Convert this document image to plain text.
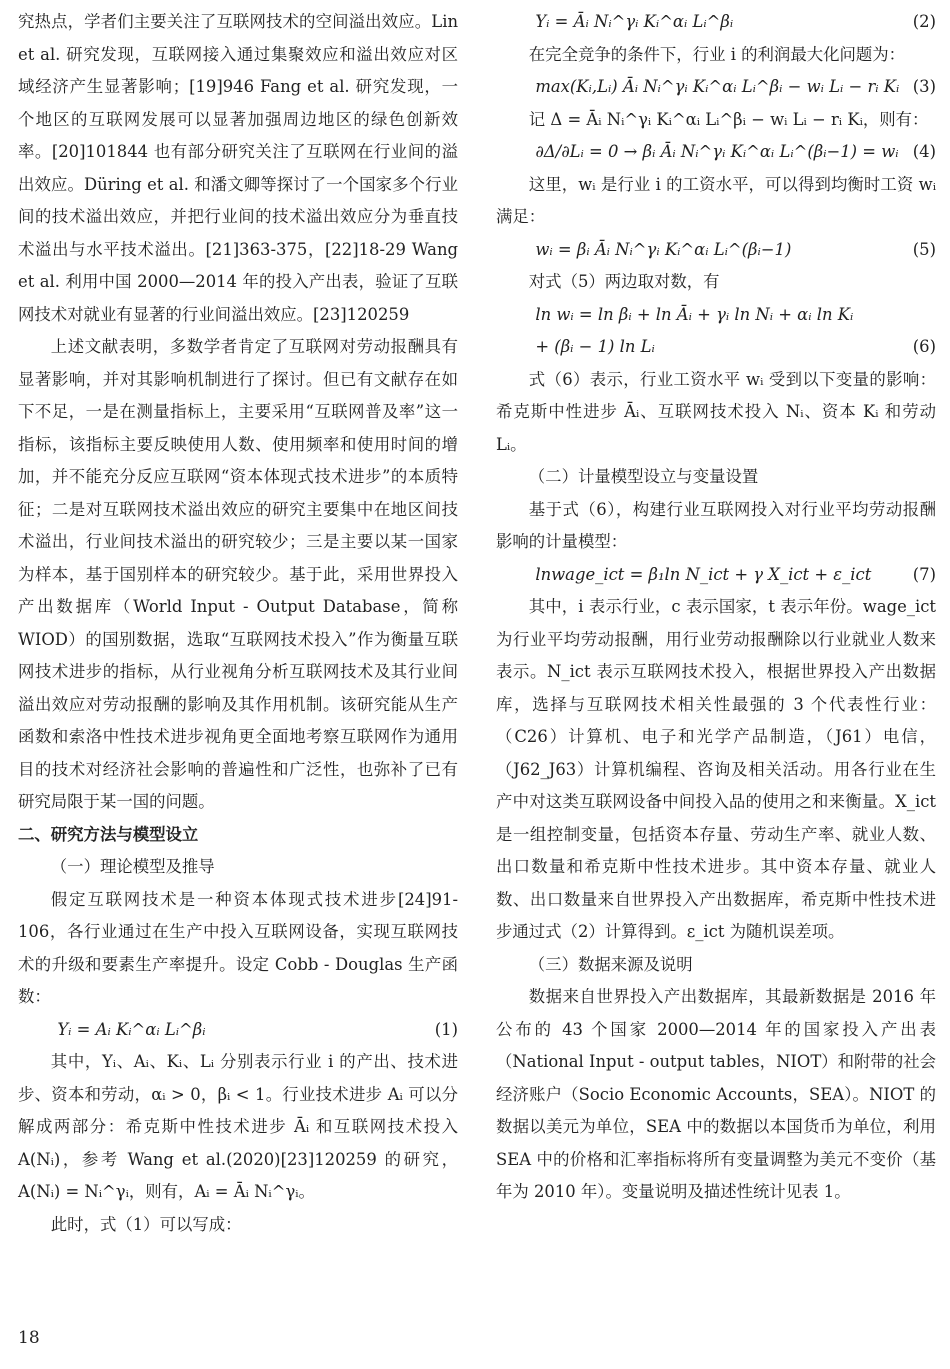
究热点，学者们主要关注了互联网技术的空间溢出效应。Lin et al. 研究发现，互联网接入通过集聚效应和溢出效应对区域经济产生显著影响；[19]946 Fang et al. 研究发现，一个地区的互联网发展可以显著加强周边地区的绿色创新效率。[20]101844 也有部分研究关注了互联网在行业间的溢出效应。Düring et al. 和潘文卿等探讨了一个国家多个行业间的技术溢出效应，并把行业间的技术溢出效应分为垂直技术溢出与水平技术溢出。[21]363-375，[22]18-29 Wang et al. 利用中国 2000—2014 年的投入产出表，验证了互联网技术对就业有显著的行业间溢出效应。[23]120259

上述文献表明，多数学者肯定了互联网对劳动报酬具有显著影响，并对其影响机制进行了探讨。但已有文献存在如下不足，一是在测量指标上，主要采用“互联网普及率”这一指标，该指标主要反映使用人数、使用频率和使用时间的增加，并不能充分反应互联网“资本体现式技术进步”的本质特征；二是对互联网技术溢出效应的研究主要集中在地区间技术溢出，行业间技术溢出的研究较少；三是主要以某一国家为样本，基于国别样本的研究较少。基于此，采用世界投入产出数据库（World Input - Output Database，简称 WIOD）的国别数据，选取“互联网技术投入”作为衡量互联网技术进步的指标，从行业视角分析互联网技术及其行业间溢出效应对劳动报酬的影响及其作用机制。该研究能从生产函数和索洛中性技术进步视角更全面地考察互联网作为通用目的技术对经济社会影响的普遍性和广泛性，也弥补了已有研究局限于某一国的问题。

二、研究方法与模型设立

（一）理论模型及推导

假定互联网技术是一种资本体现式技术进步[24]91-106，各行业通过在生产中投入互联网设备，实现互联网技术的升级和要素生产率提升。设定 Cobb - Douglas 生产函数：

Yᵢ = Aᵢ Kᵢ^αᵢ Lᵢ^βᵢ	(1)

其中，Yᵢ、Aᵢ、Kᵢ、Lᵢ 分别表示行业 i 的产出、技术进步、资本和劳动，αᵢ > 0，βᵢ < 1。行业技术进步 Aᵢ 可以分解成两部分：希克斯中性技术进步 Āᵢ 和互联网技术投入 A(Nᵢ)，参考 Wang et al.(2020)[23]120259 的研究，A(Nᵢ) = Nᵢ^γᵢ，则有，Aᵢ = Āᵢ Nᵢ^γᵢ。

此时，式（1）可以写成：

Yᵢ = Āᵢ Nᵢ^γᵢ Kᵢ^αᵢ Lᵢ^βᵢ	(2)

在完全竞争的条件下，行业 i 的利润最大化问题为：

max(Kᵢ,Lᵢ) Āᵢ Nᵢ^γᵢ Kᵢ^αᵢ Lᵢ^βᵢ − wᵢ Lᵢ − rᵢ Kᵢ (3)

记 Δ = Āᵢ Nᵢ^γᵢ Kᵢ^αᵢ Lᵢ^βᵢ − wᵢ Lᵢ − rᵢ Kᵢ，则有：

∂Δ/∂Lᵢ = 0 → βᵢ Āᵢ Nᵢ^γᵢ Kᵢ^αᵢ Lᵢ^(βᵢ−1) = wᵢ (4)

这里，wᵢ 是行业 i 的工资水平，可以得到均衡时工资 wᵢ 满足：

wᵢ = βᵢ Āᵢ Nᵢ^γᵢ Kᵢ^αᵢ Lᵢ^(βᵢ−1)	(5)

对式（5）两边取对数，有

ln wᵢ = ln βᵢ + ln Āᵢ + γᵢ ln Nᵢ + αᵢ ln Kᵢ
+ (βᵢ − 1) ln Lᵢ	(6)

式（6）表示，行业工资水平 wᵢ 受到以下变量的影响：希克斯中性进步 Āᵢ、互联网技术投入 Nᵢ、资本 Kᵢ 和劳动 Lᵢ。

（二）计量模型设立与变量设置

基于式（6），构建行业互联网投入对行业平均劳动报酬影响的计量模型：

lnwage_ict = β₁ln N_ict + γ X_ict + ε_ict	(7)

其中，i 表示行业，c 表示国家，t 表示年份。wage_ict 为行业平均劳动报酬，用行业劳动报酬除以行业就业人数来表示。N_ict 表示互联网技术投入，根据世界投入产出数据库，选择与互联网技术相关性最强的 3 个代表性行业：（C26）计算机、电子和光学产品制造，（J61）电信，（J62_J63）计算机编程、咨询及相关活动。用各行业在生产中对这类互联网设备中间投入品的使用之和来衡量。X_ict 是一组控制变量，包括资本存量、劳动生产率、就业人数、出口数量和希克斯中性技术进步。其中资本存量、就业人数、出口数量来自世界投入产出数据库，希克斯中性技术进步通过式（2）计算得到。ε_ict 为随机误差项。

（三）数据来源及说明

数据来自世界投入产出数据库，其最新数据是 2016 年公布的 43 个国家 2000—2014 年的国家投入产出表（National Input - output tables，NIOT）和附带的社会经济账户（Socio Economic Accounts，SEA）。NIOT 的数据以美元为单位，SEA 中的数据以本国货币为单位，利用 SEA 中的价格和汇率指标将所有变量调整为美元不变价（基年为 2010 年）。变量说明及描述性统计见表 1。

18
